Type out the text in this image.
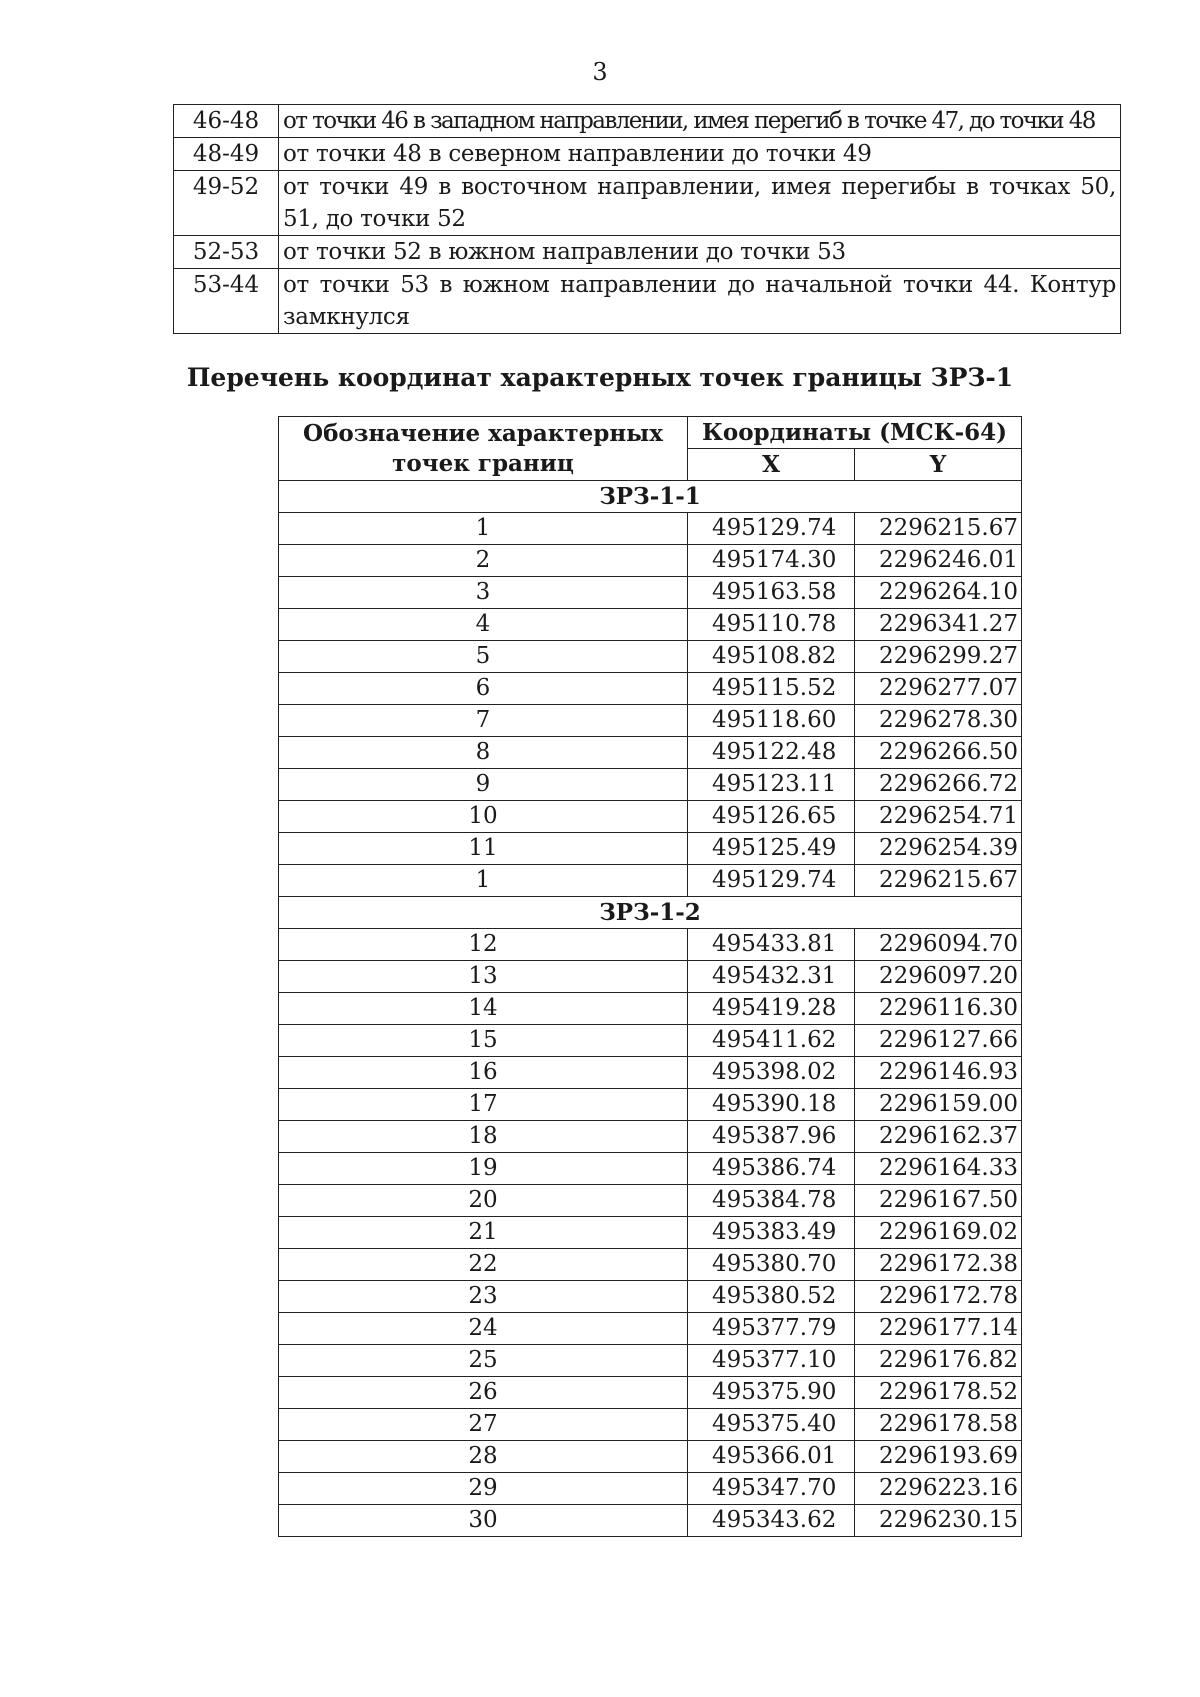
3
46-48	от точки 46 в западном направлении, имея перегиб в точке 47, до точки 48
48-49	от точки 48 в северном направлении до точки 49
49-52	от точки 49 в восточном направлении, имея перегибы в точках 50, 51, до точки 52
52-53	от точки 52 в южном направлении до точки 53
53-44	от точки 53 в южном направлении до начальной точки 44. Контур замкнулся
Перечень координат характерных точек границы ЗРЗ-1
Обозначение характерных точек границ	Координаты (МСК-64)	
	X	Y
ЗРЗ-1-1		
1	495129.74	2296215.67
2	495174.30	2296246.01
3	495163.58	2296264.10
4	495110.78	2296341.27
5	495108.82	2296299.27
6	495115.52	2296277.07
7	495118.60	2296278.30
8	495122.48	2296266.50
9	495123.11	2296266.72
10	495126.65	2296254.71
11	495125.49	2296254.39
1	495129.74	2296215.67
ЗРЗ-1-2		
12	495433.81	2296094.70
13	495432.31	2296097.20
14	495419.28	2296116.30
15	495411.62	2296127.66
16	495398.02	2296146.93
17	495390.18	2296159.00
18	495387.96	2296162.37
19	495386.74	2296164.33
20	495384.78	2296167.50
21	495383.49	2296169.02
22	495380.70	2296172.38
23	495380.52	2296172.78
24	495377.79	2296177.14
25	495377.10	2296176.82
26	495375.90	2296178.52
27	495375.40	2296178.58
28	495366.01	2296193.69
29	495347.70	2296223.16
30	495343.62	2296230.15
